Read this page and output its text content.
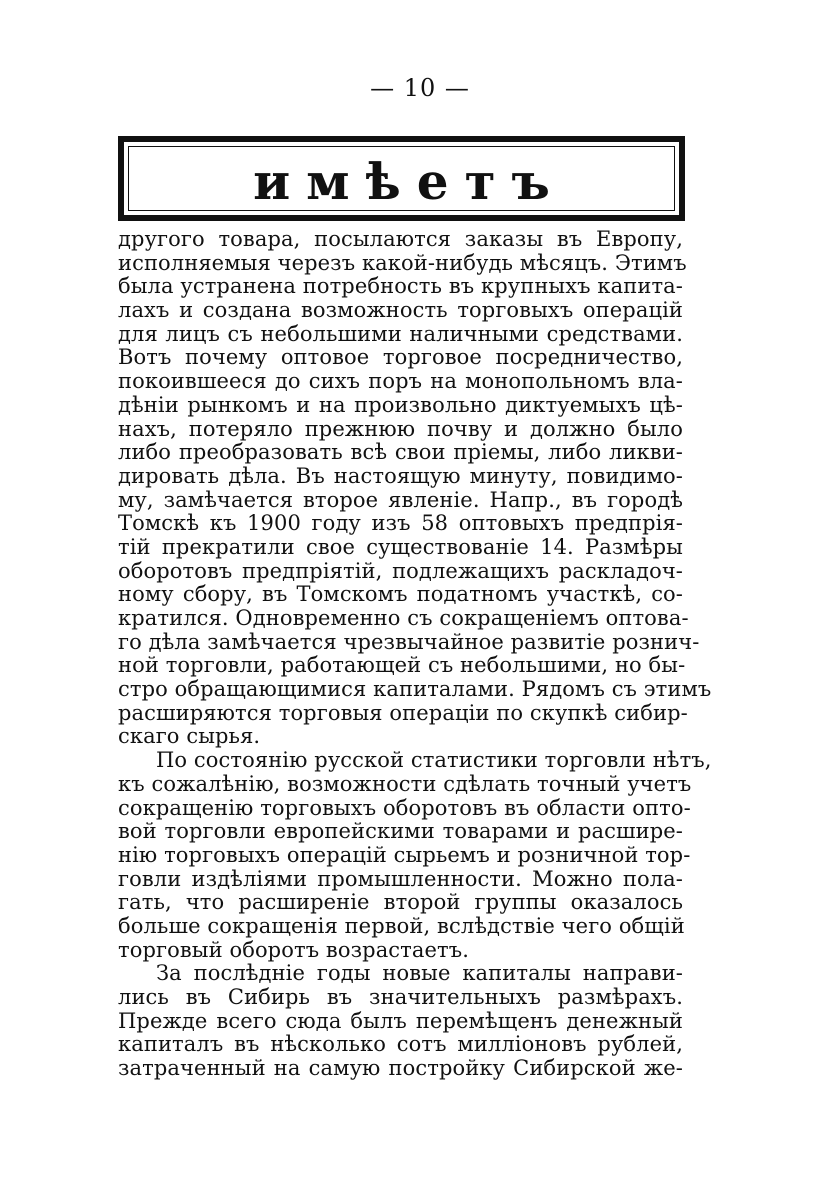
— 10 —
имѣетъ
другого товара, посылаются заказы въ Европу,
исполняемыя черезъ какой-нибудь мѣсяцъ. Этимъ
была устранена потребность въ крупныхъ капита-
лахъ и создана возможность торговыхъ операцій
для лицъ съ небольшими наличными средствами.
Вотъ почему оптовое торговое посредничество,
покоившееся до сихъ поръ на монопольномъ вла-
дѣніи рынкомъ и на произвольно диктуемыхъ цѣ-
нахъ, потеряло прежнюю почву и должно было
либо преобразовать всѣ свои пріемы, либо ликви-
дировать дѣла. Въ настоящую минуту, повидимо-
му, замѣчается второе явленіе. Напр., въ городѣ
Томскѣ къ 1900 году изъ 58 оптовыхъ предпрія-
тій прекратили свое существованіе 14. Размѣры
оборотовъ предпріятій, подлежащихъ раскладоч-
ному сбору, въ Томскомъ податномъ участкѣ, со-
кратился. Одновременно съ сокращеніемъ оптова-
го дѣла замѣчается чрезвычайное развитіе рознич-
ной торговли, работающей съ небольшими, но бы-
стро обращающимися капиталами. Рядомъ съ этимъ
расширяются торговыя операціи по скупкѣ сибир-
скаго сырья.
По состоянію русской статистики торговли нѣтъ,
къ сожалѣнію, возможности сдѣлать точный учетъ
сокращенію торговыхъ оборотовъ въ области опто-
вой торговли европейскими товарами и расшире-
нію торговыхъ операцій сырьемъ и розничной тор-
говли издѣліями промышленности. Можно пола-
гать, что расширеніе второй группы оказалось
больше сокращенія первой, вслѣдствіе чего общій
торговый оборотъ возрастаетъ.
За послѣдніе годы новые капиталы направи-
лись въ Сибирь въ значительныхъ размѣрахъ.
Прежде всего сюда былъ перемѣщенъ денежный
капиталъ въ нѣсколько сотъ милліоновъ рублей,
затраченный на самую постройку Сибирской же-
